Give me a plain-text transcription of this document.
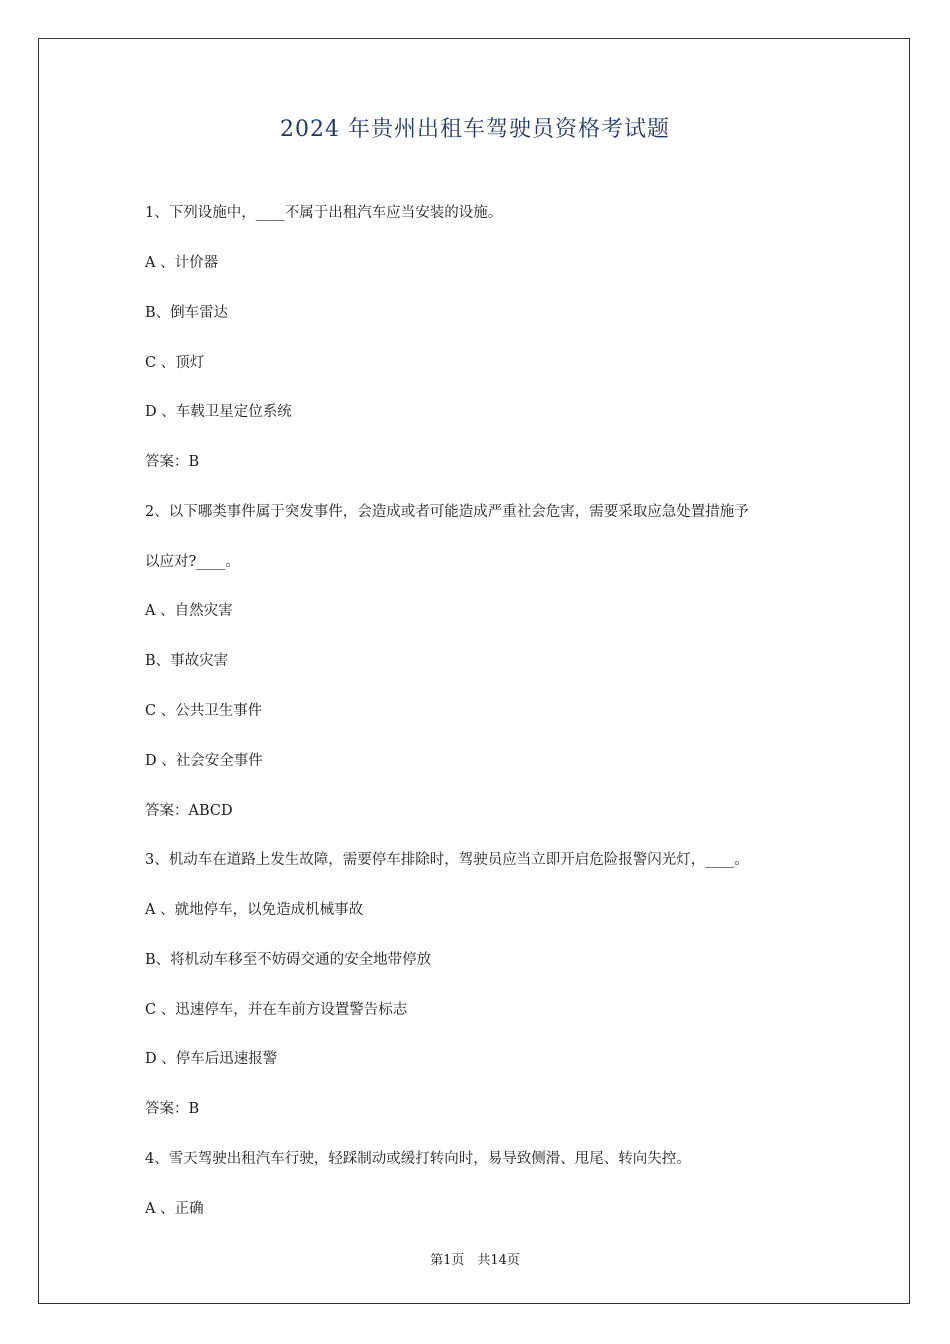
2024 年贵州出租车驾驶员资格考试题

1、下列设施中，____不属于出租汽车应当安装的设施。

A 、计价器

B、倒车雷达

C 、顶灯

D 、车载卫星定位系统

答案：B

2、以下哪类事件属于突发事件，会造成或者可能造成严重社会危害，需要采取应急处置措施予

以应对?____。

A 、自然灾害

B、事故灾害

C 、公共卫生事件

D 、社会安全事件

答案：ABCD

3、机动车在道路上发生故障，需要停车排除时，驾驶员应当立即开启危险报警闪光灯，____。

A 、就地停车，以免造成机械事故

B、将机动车移至不妨碍交通的安全地带停放

C 、迅速停车，并在车前方设置警告标志

D 、停车后迅速报警

答案：B

4、雪天驾驶出租汽车行驶，轻踩制动或缓打转向时，易导致侧滑、甩尾、转向失控。

A 、正确

第1页　共14页
